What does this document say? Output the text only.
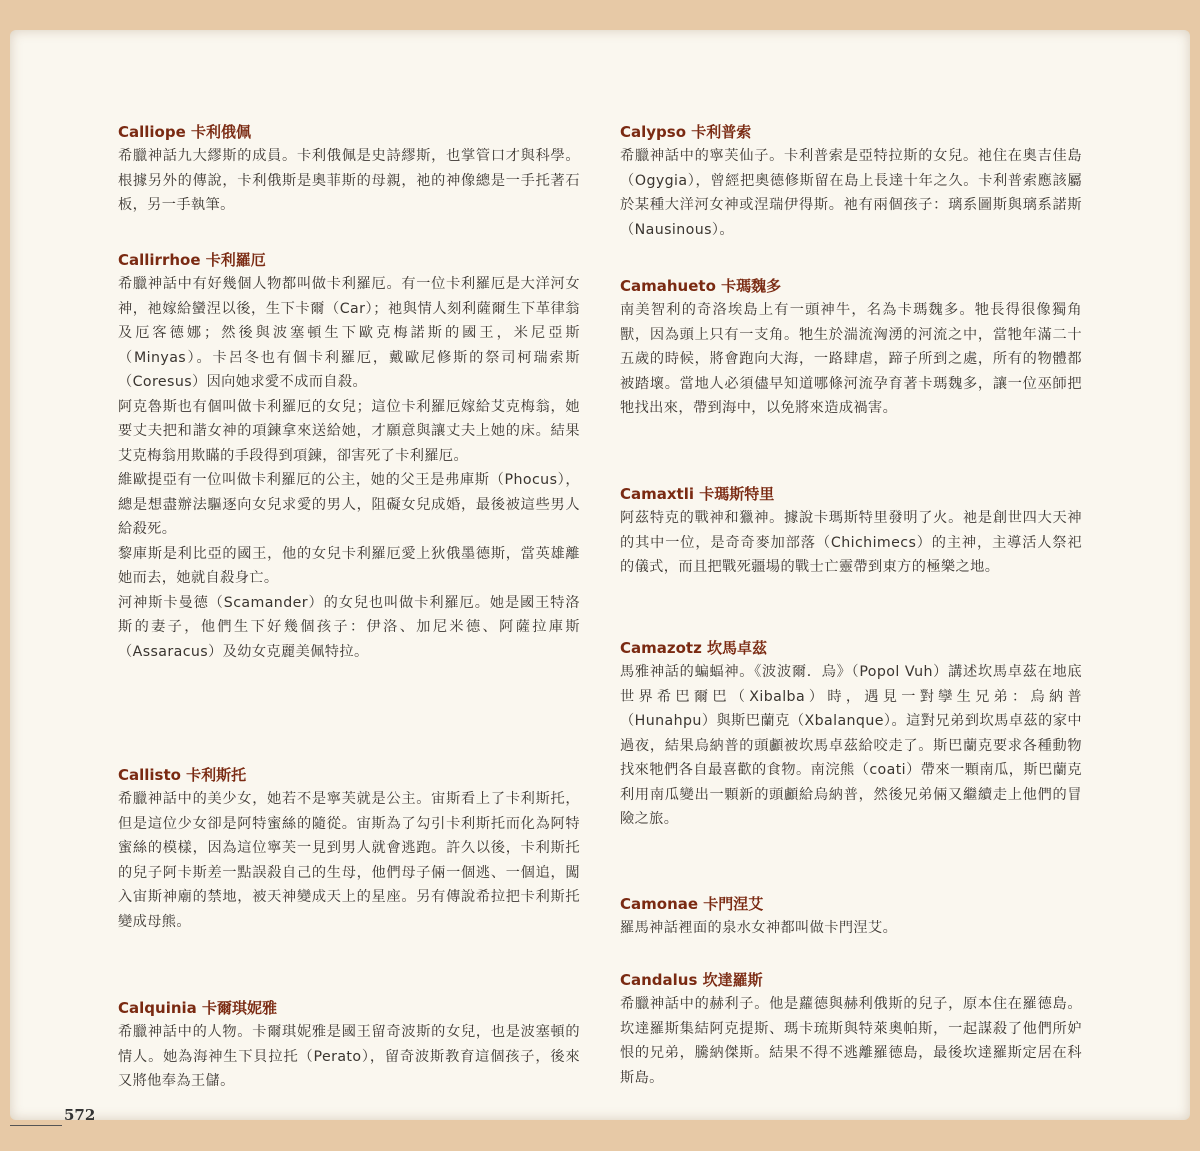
Calliope 卡利俄佩

希臘神話九大繆斯的成員。卡利俄佩是史詩繆斯，也掌管口才與科學。根據另外的傳說，卡利俄斯是奧菲斯的母親，祂的神像總是一手托著石板，另一手執筆。

Callirrhoe 卡利羅厄

希臘神話中有好幾個人物都叫做卡利羅厄。有一位卡利羅厄是大洋河女神，祂嫁給蠻涅以後，生下卡爾（Car）；祂與情人刻利薩爾生下革律翁及厄客德娜；然後與波塞頓生下歐克梅諾斯的國王，米尼亞斯（Minyas）。卡呂冬也有個卡利羅厄，戴歐尼修斯的祭司柯瑞索斯（Coresus）因向她求愛不成而自殺。

阿克魯斯也有個叫做卡利羅厄的女兒；這位卡利羅厄嫁給艾克梅翁，她要丈夫把和諧女神的項鍊拿來送給她，才願意與讓丈夫上她的床。結果艾克梅翁用欺瞞的手段得到項鍊，卻害死了卡利羅厄。

維歐提亞有一位叫做卡利羅厄的公主，她的父王是弗庫斯（Phocus），總是想盡辦法驅逐向女兒求愛的男人，阻礙女兒成婚，最後被這些男人給殺死。

黎庫斯是利比亞的國王，他的女兒卡利羅厄愛上狄俄墨德斯，當英雄離她而去，她就自殺身亡。

河神斯卡曼德（Scamander）的女兒也叫做卡利羅厄。她是國王特洛斯的妻子，他們生下好幾個孩子：伊洛、加尼米德、阿薩拉庫斯（Assaracus）及幼女克麗美佩特拉。

Callisto 卡利斯托

希臘神話中的美少女，她若不是寧芙就是公主。宙斯看上了卡利斯托，但是這位少女卻是阿特蜜絲的隨從。宙斯為了勾引卡利斯托而化為阿特蜜絲的模樣，因為這位寧芙一見到男人就會逃跑。許久以後，卡利斯托的兒子阿卡斯差一點誤殺自己的生母，他們母子倆一個逃、一個追，闖入宙斯神廟的禁地，被天神變成天上的星座。另有傳說希拉把卡利斯托變成母熊。

Calquinia 卡爾琪妮雅

希臘神話中的人物。卡爾琪妮雅是國王留奇波斯的女兒，也是波塞頓的情人。她為海神生下貝拉托（Perato），留奇波斯教育這個孩子，後來又將他奉為王儲。

Calypso 卡利普索

希臘神話中的寧芙仙子。卡利普索是亞特拉斯的女兒。祂住在奧吉佳島（Ogygia），曾經把奧德修斯留在島上長達十年之久。卡利普索應該屬於某種大洋河女神或涅瑞伊得斯。祂有兩個孩子：璃系圖斯與璃系諾斯（Nausinous）。

Camahueto 卡瑪魏多

南美智利的奇洛埃島上有一頭神牛，名為卡瑪魏多。牠長得很像獨角獸，因為頭上只有一支角。牠生於湍流洶湧的河流之中，當牠年滿二十五歲的時候，將會跑向大海，一路肆虐，蹄子所到之處，所有的物體都被踏壞。當地人必須儘早知道哪條河流孕育著卡瑪魏多，讓一位巫師把牠找出來，帶到海中，以免將來造成禍害。

Camaxtli 卡瑪斯特里

阿茲特克的戰神和獵神。據說卡瑪斯特里發明了火。祂是創世四大天神的其中一位，是奇奇麥加部落（Chichimecs）的主神，主導活人祭祀的儀式，而且把戰死疆場的戰士亡靈帶到東方的極樂之地。

Camazotz 坎馬卓茲

馬雅神話的蝙蝠神。《波波爾．烏》（Popol Vuh）講述坎馬卓茲在地底世界希巴爾巴（Xibalba）時，遇見一對孿生兄弟：烏納普（Hunahpu）與斯巴蘭克（Xbalanque）。這對兄弟到坎馬卓茲的家中過夜，結果烏納普的頭顱被坎馬卓茲給咬走了。斯巴蘭克要求各種動物找來牠們各自最喜歡的食物。南浣熊（coati）帶來一顆南瓜，斯巴蘭克利用南瓜變出一顆新的頭顱給烏納普，然後兄弟倆又繼續走上他們的冒險之旅。

Camonae 卡門涅艾

羅馬神話裡面的泉水女神都叫做卡門涅艾。

Candalus 坎達羅斯

希臘神話中的赫利子。他是蘿德與赫利俄斯的兒子，原本住在羅德島。坎達羅斯集結阿克提斯、瑪卡琉斯與特萊奧帕斯，一起謀殺了他們所妒恨的兄弟，騰納傑斯。結果不得不逃離羅德島，最後坎達羅斯定居在科斯島。

572
